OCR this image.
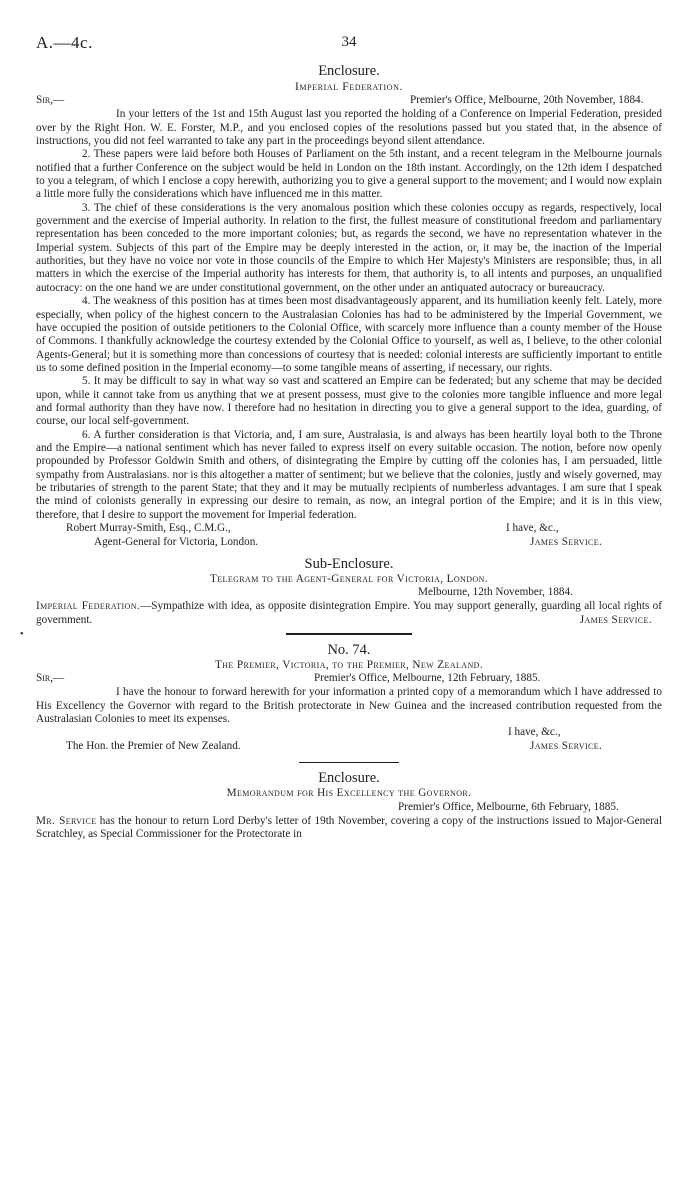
A.—4c.	34
Enclosure.
Imperial Federation.
Sir,—	Premier's Office, Melbourne, 20th November, 1884.

In your letters of the 1st and 15th August last you reported the holding of a Conference on Imperial Federation, presided over by the Right Hon. W. E. Forster, M.P., and you enclosed copies of the resolutions passed but you stated that, in the absence of instructions, you did not feel warranted to take any part in the proceedings beyond silent attendance.

2. These papers were laid before both Houses of Parliament on the 5th instant, and a recent telegram in the Melbourne journals notified that a further Conference on the subject would be held in London on the 18th instant. Accordingly, on the 12th idem I despatched to you a telegram, of which I enclose a copy herewith, authorizing you to give a general support to the movement; and I would now explain a little more fully the considerations which have influenced me in this matter.

3. The chief of these considerations is the very anomalous position which these colonies occupy as regards, respectively, local government and the exercise of Imperial authority. In relation to the first, the fullest measure of constitutional freedom and parliamentary representation has been conceded to the more important colonies; but, as regards the second, we have no representation whatever in the Imperial system. Subjects of this part of the Empire may be deeply interested in the action, or, it may be, the inaction of the Imperial authorities, but they have no voice nor vote in those councils of the Empire to which Her Majesty's Ministers are responsible; thus, in all matters in which the exercise of the Imperial authority has interests for them, that authority is, to all intents and purposes, an unqualified autocracy: on the one hand we are under constitutional government, on the other under an antiquated autocracy or bureaucracy.

4. The weakness of this position has at times been most disadvantageously apparent, and its humiliation keenly felt. Lately, more especially, when policy of the highest concern to the Australasian Colonies has had to be administered by the Imperial Government, we have occupied the position of outside petitioners to the Colonial Office, with scarcely more influence than a county member of the House of Commons. I thankfully acknowledge the courtesy extended by the Colonial Office to yourself, as well as, I believe, to the other colonial Agents-General; but it is something more than concessions of courtesy that is needed: colonial interests are sufficiently important to entitle us to some defined position in the Imperial economy—to some tangible means of asserting, if necessary, our rights.

5. It may be difficult to say in what way so vast and scattered an Empire can be federated; but any scheme that may be decided upon, while it cannot take from us anything that we at present possess, must give to the colonies more tangible influence and more legal and formal authority than they have now. I therefore had no hesitation in directing you to give a general support to the idea, guarding, of course, our local self-government.

6. A further consideration is that Victoria, and, I am sure, Australasia, is and always has been heartily loyal both to the Throne and the Empire—a national sentiment which has never failed to express itself on every suitable occasion. The notion, before now openly propounded by Professor Goldwin Smith and others, of disintegrating the Empire by cutting off the colonies has, I am persuaded, little sympathy from Australasians. nor is this altogether a matter of sentiment; but we believe that the colonies, justly and wisely governed, may be tributaries of strength to the parent State; that they and it may be mutually recipients of numberless advantages. I am sure that I speak the mind of colonists generally in expressing our desire to remain, as now, an integral portion of the Empire; and it is in this view, therefore, that I desire to support the movement for Imperial federation.

Robert Murray-Smith, Esq., C.M.G.,	I have, &c.,
Agent-General for Victoria, London.	James Service.
Sub-Enclosure.
Telegram to the Agent-General for Victoria, London.
Melbourne, 12th November, 1884.

Imperial Federation.—Sympathize with idea, as opposite disintegration Empire. You may support generally, guarding all local rights of government.	James Service.

No. 74.
The Premier, Victoria, to the Premier, New Zealand.
Sir,—	Premier's Office, Melbourne, 12th February, 1885.

I have the honour to forward herewith for your information a printed copy of a memorandum which I have addressed to His Excellency the Governor with regard to the British protectorate in New Guinea and the increased contribution requested from the Australasian Colonies to meet its expenses.

I have, &c.,
The Hon. the Premier of New Zealand.	James Service.
Enclosure.
Memorandum for His Excellency the Governor.
Premier's Office, Melbourne, 6th February, 1885.

Mr. Service has the honour to return Lord Derby's letter of 19th November, covering a copy of the instructions issued to Major-General Scratchley, as Special Commissioner for the Protectorate in

•
